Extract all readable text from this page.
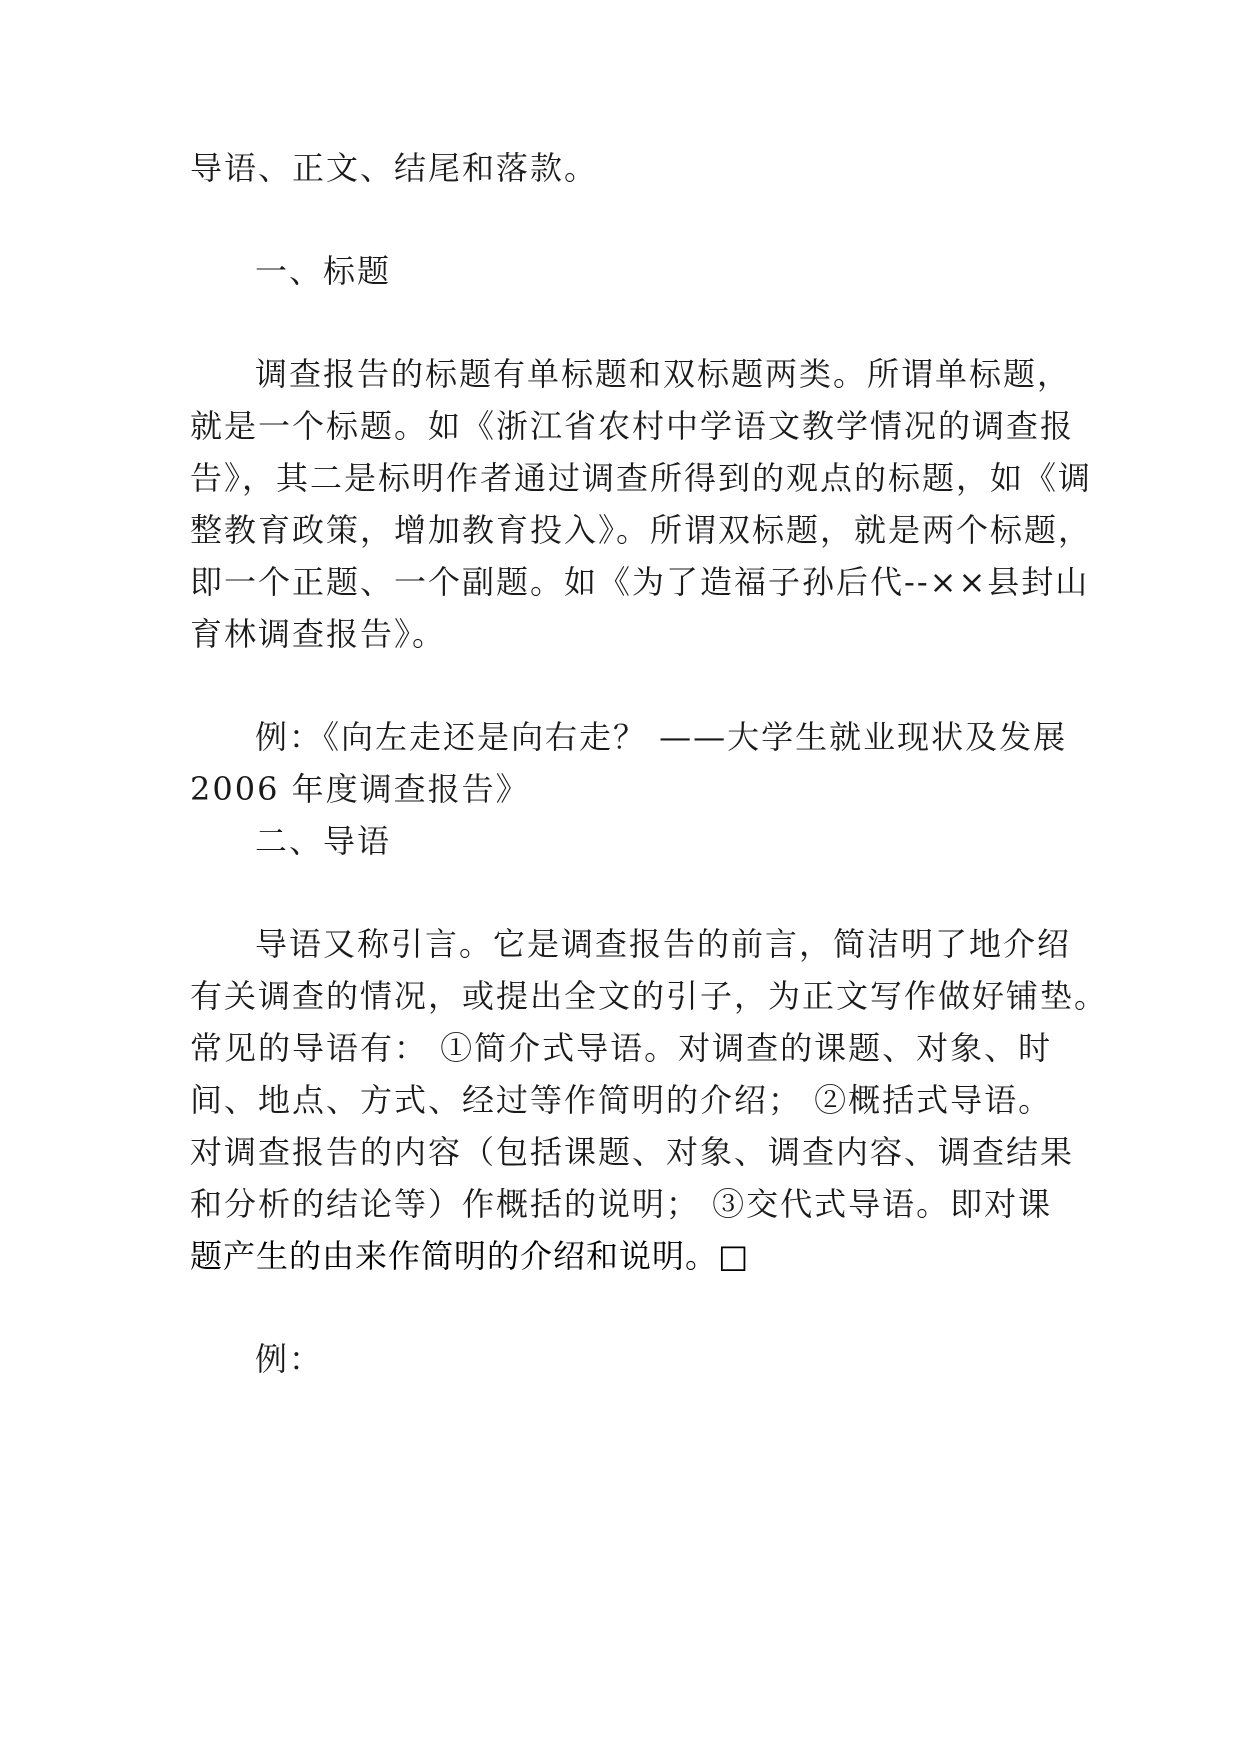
导语、正文、结尾和落款。
一、标题
调查报告的标题有单标题和双标题两类。所谓单标题，
就是一个标题。如《浙江省农村中学语文教学情况的调查报
告》，其二是标明作者通过调查所得到的观点的标题，如《调
整教育政策，增加教育投入》。所谓双标题，就是两个标题，
即一个正题、一个副题。如《为了造福子孙后代--××县封山
育林调查报告》。
例：《向左走还是向右走？ ——大学生就业现状及发展
2006 年度调查报告》
二、导语
导语又称引言。它是调查报告的前言，简洁明了地介绍
有关调查的情况，或提出全文的引子，为正文写作做好铺垫。
常见的导语有： ①简介式导语。对调查的课题、对象、时
间、地点、方式、经过等作简明的介绍； ②概括式导语。
对调查报告的内容（包括课题、对象、调查内容、调查结果
和分析的结论等）作概括的说明； ③交代式导语。即对课
题产生的由来作简明的介绍和说明。□
例：
